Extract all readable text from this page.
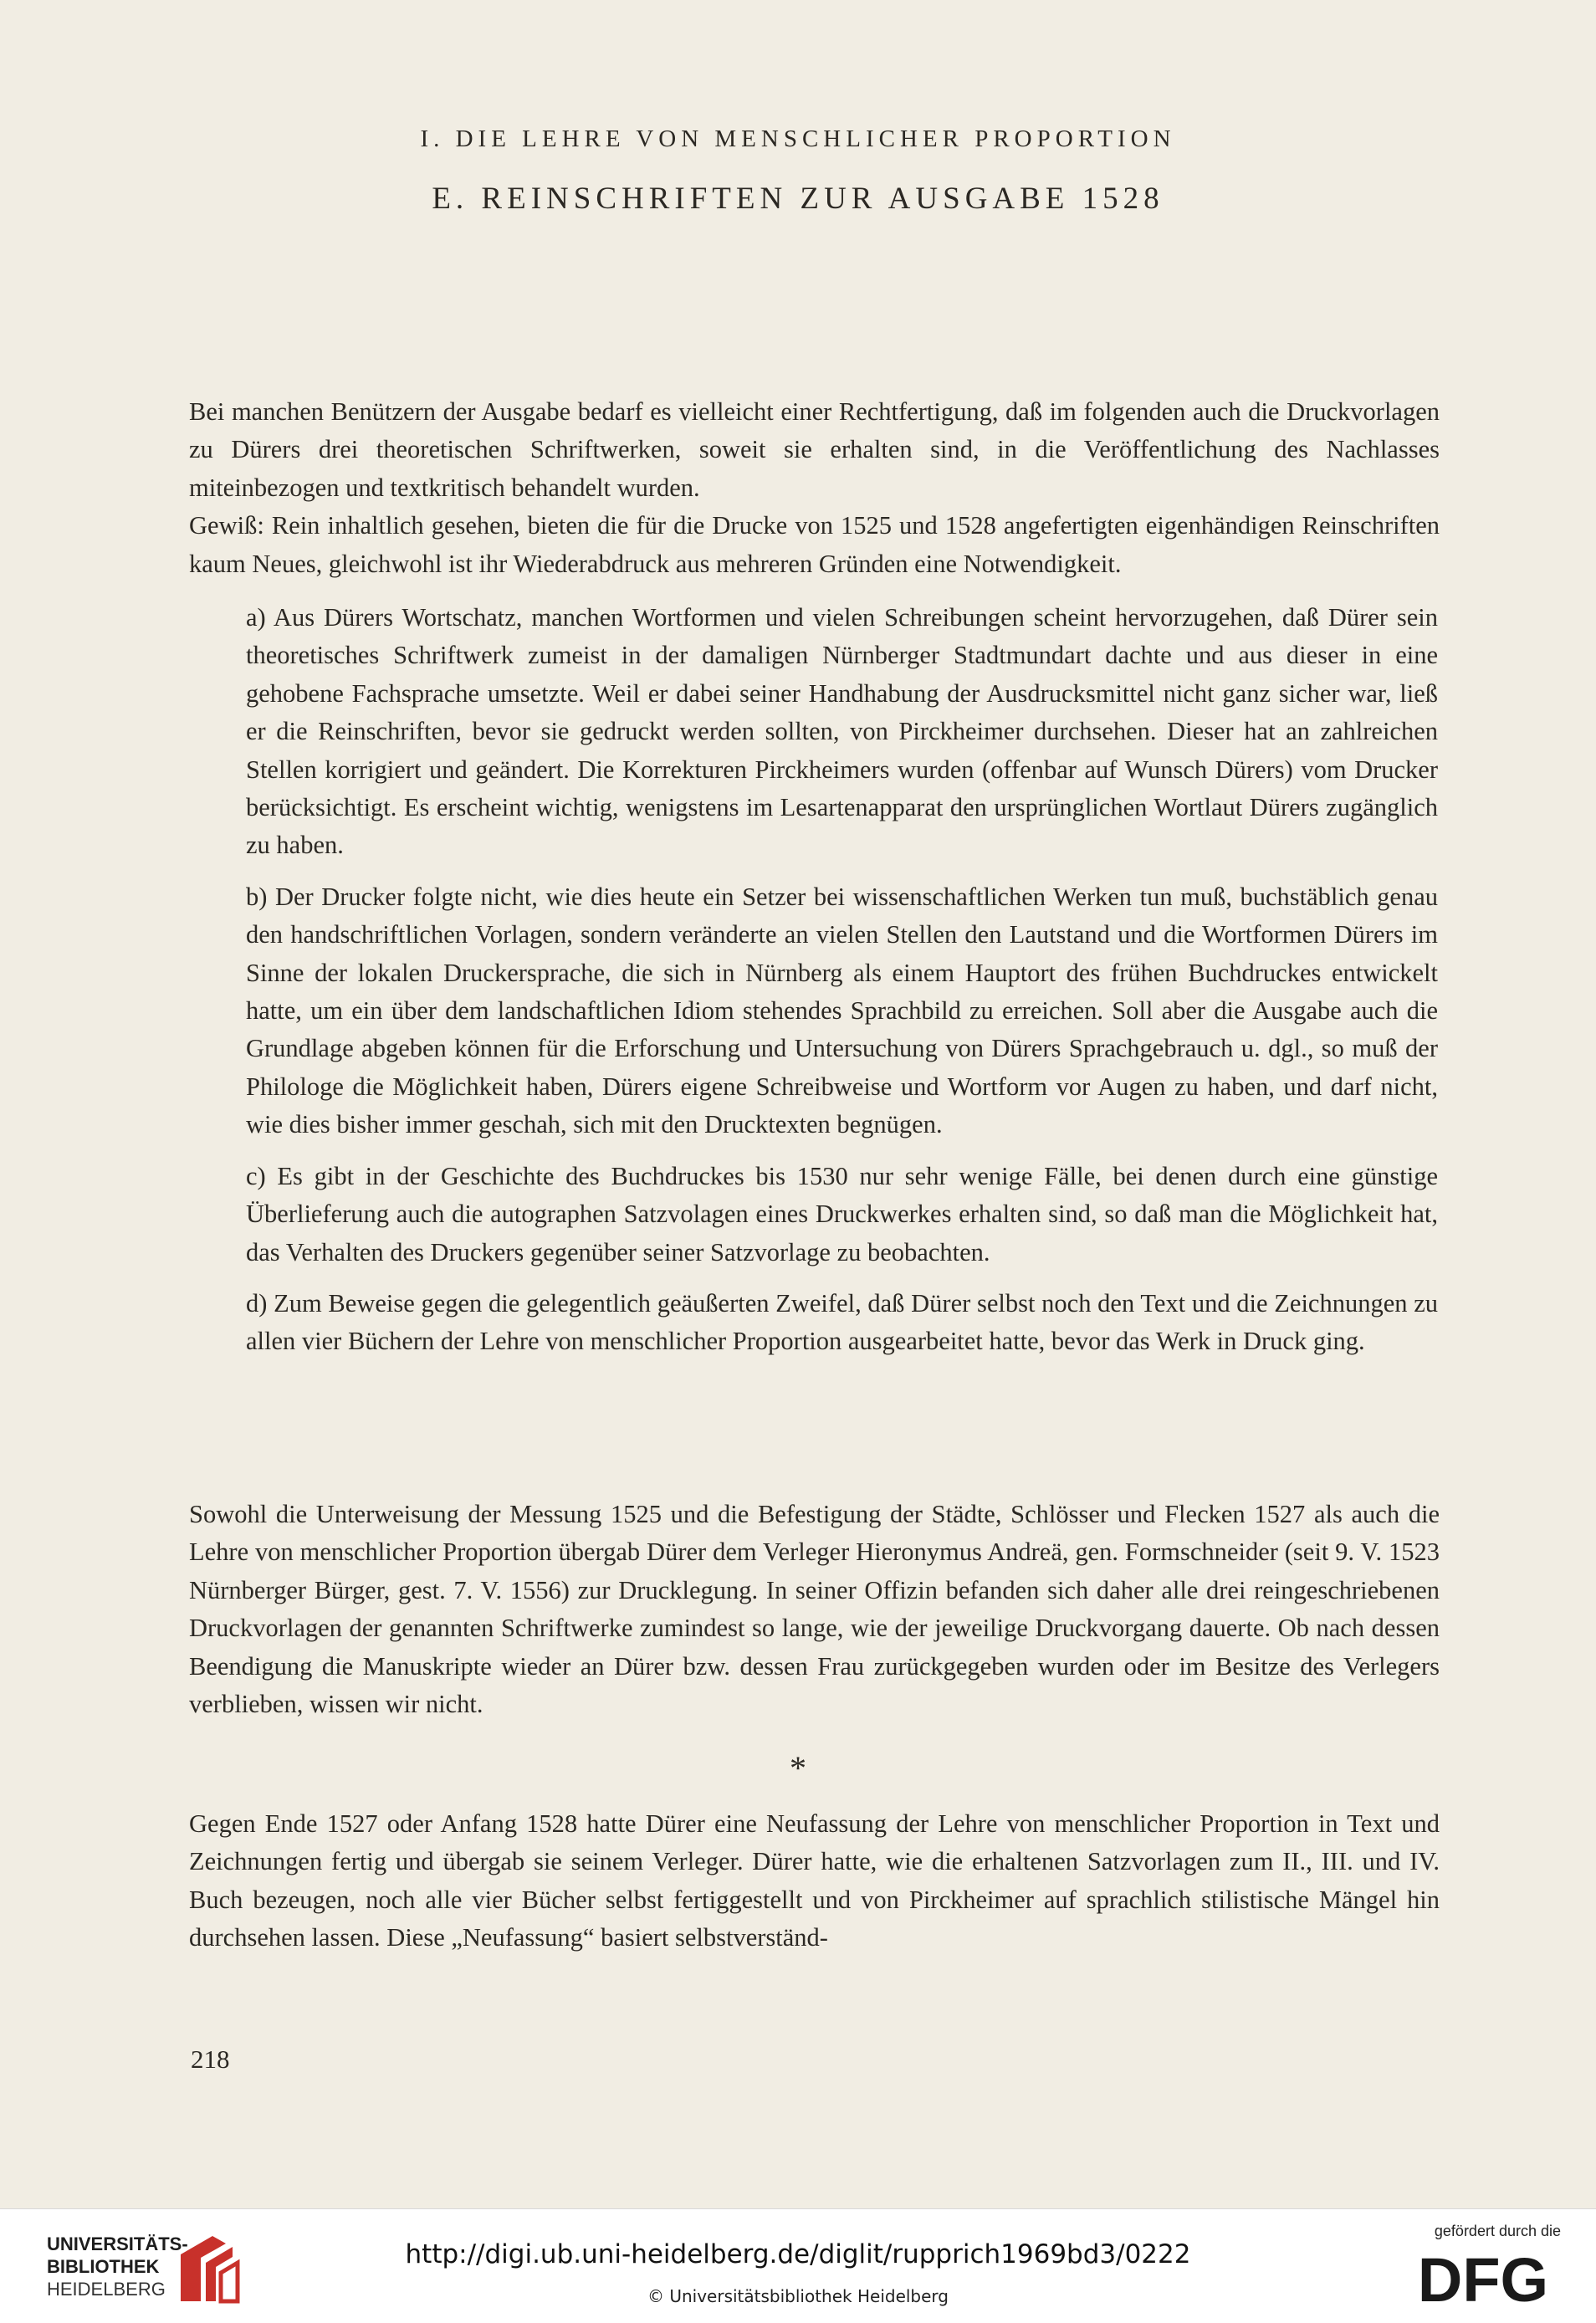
I. DIE LEHRE VON MENSCHLICHER PROPORTION
E. REINSCHRIFTEN ZUR AUSGABE 1528

Bei manchen Benützern der Ausgabe bedarf es vielleicht einer Rechtfertigung, daß im folgenden auch die Druckvorlagen zu Dürers drei theoretischen Schriftwerken, soweit sie erhalten sind, in die Veröffentlichung des Nachlasses miteinbezogen und textkritisch behandelt wurden.

Gewiß: Rein inhaltlich gesehen, bieten die für die Drucke von 1525 und 1528 angefertigten eigenhändigen Reinschriften kaum Neues, gleichwohl ist ihr Wiederabdruck aus mehreren Gründen eine Notwendigkeit.

a) Aus Dürers Wortschatz, manchen Wortformen und vielen Schreibungen scheint hervorzugehen, daß Dürer sein theoretisches Schriftwerk zumeist in der damaligen Nürnberger Stadtmundart dachte und aus dieser in eine gehobene Fachsprache umsetzte. Weil er dabei seiner Handhabung der Ausdrucksmittel nicht ganz sicher war, ließ er die Reinschriften, bevor sie gedruckt werden sollten, von Pirckheimer durchsehen. Dieser hat an zahlreichen Stellen korrigiert und geändert. Die Korrekturen Pirckheimers wurden (offenbar auf Wunsch Dürers) vom Drucker berücksichtigt. Es erscheint wichtig, wenigstens im Lesartenapparat den ursprünglichen Wortlaut Dürers zugänglich zu haben.

b) Der Drucker folgte nicht, wie dies heute ein Setzer bei wissenschaftlichen Werken tun muß, buchstäblich genau den handschriftlichen Vorlagen, sondern veränderte an vielen Stellen den Lautstand und die Wortformen Dürers im Sinne der lokalen Druckersprache, die sich in Nürnberg als einem Hauptort des frühen Buchdruckes entwickelt hatte, um ein über dem landschaftlichen Idiom stehendes Sprachbild zu erreichen. Soll aber die Ausgabe auch die Grundlage abgeben können für die Erforschung und Untersuchung von Dürers Sprachgebrauch u. dgl., so muß der Philologe die Möglichkeit haben, Dürers eigene Schreibweise und Wortform vor Augen zu haben, und darf nicht, wie dies bisher immer geschah, sich mit den Drucktexten begnügen.

c) Es gibt in der Geschichte des Buchdruckes bis 1530 nur sehr wenige Fälle, bei denen durch eine günstige Überlieferung auch die autographen Satzvolagen eines Druckwerkes erhalten sind, so daß man die Möglichkeit hat, das Verhalten des Druckers gegenüber seiner Satzvorlage zu beobachten.

d) Zum Beweise gegen die gelegentlich geäußerten Zweifel, daß Dürer selbst noch den Text und die Zeichnungen zu allen vier Büchern der Lehre von menschlicher Proportion ausgearbeitet hatte, bevor das Werk in Druck ging.

Sowohl die Unterweisung der Messung 1525 und die Befestigung der Städte, Schlösser und Flecken 1527 als auch die Lehre von menschlicher Proportion übergab Dürer dem Verleger Hieronymus Andreä, gen. Formschneider (seit 9. V. 1523 Nürnberger Bürger, gest. 7. V. 1556) zur Drucklegung. In seiner Offizin befanden sich daher alle drei reingeschriebenen Druckvorlagen der genannten Schriftwerke zumindest so lange, wie der jeweilige Druckvorgang dauerte. Ob nach dessen Beendigung die Manuskripte wieder an Dürer bzw. dessen Frau zurückgegeben wurden oder im Besitze des Verlegers verblieben, wissen wir nicht.
*
Gegen Ende 1527 oder Anfang 1528 hatte Dürer eine Neufassung der Lehre von menschlicher Proportion in Text und Zeichnungen fertig und übergab sie seinem Verleger. Dürer hatte, wie die erhaltenen Satzvorlagen zum II., III. und IV. Buch bezeugen, noch alle vier Bücher selbst fertiggestellt und von Pirckheimer auf sprachlich stilistische Mängel hin durchsehen lassen. Diese „Neufassung“ basiert selbstverständ-
218
UNIVERSITÄTS-
BIBLIOTHEK
HEIDELBERG
http://digi.ub.uni-heidelberg.de/diglit/rupprich1969bd3/0222
© Universitätsbibliothek Heidelberg
gefördert durch die
DFG
